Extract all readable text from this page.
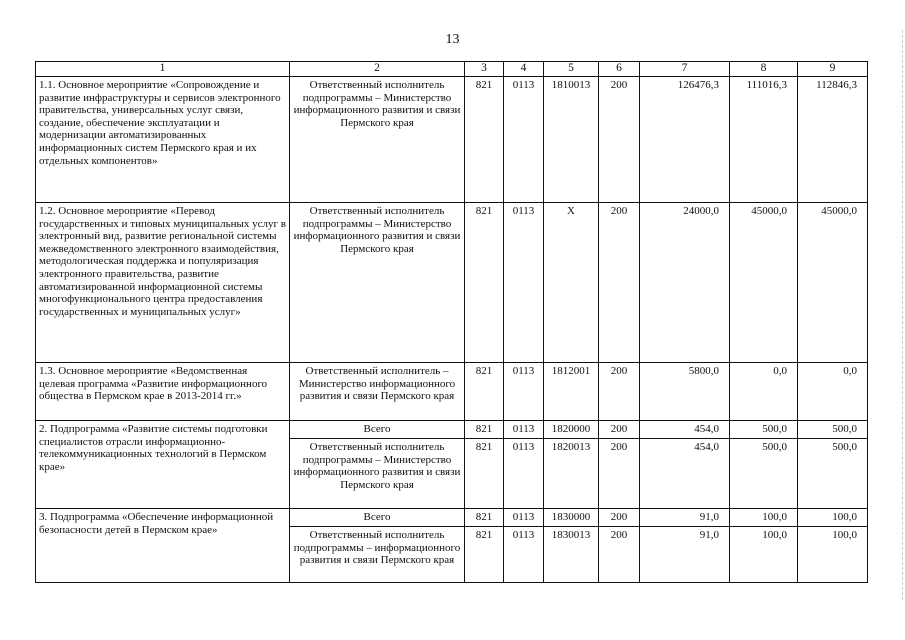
13
1	2	3	4	5	6	7	8	9
1.1. Основное мероприятие «Сопровождение и развитие инфраструктуры и сервисов электронного правительства, универсальных услуг связи, создание, обеспечение эксплуатации и модернизации автоматизированных информационных систем Пермского края и их отдельных компонентов»	Ответственный исполнитель подпрограммы – Министерство информационного развития и связи Пермского края	821	0113	1810013	200	126476,3	111016,3	112846,3
1.2. Основное мероприятие «Перевод государственных и типовых муниципальных услуг в электронный вид, развитие региональной системы межведомственного электронного взаимодействия, методологическая поддержка и популяризация электронного правительства, развитие автоматизированной информационной системы многофункционального центра предоставления государственных и муниципальных услуг»	Ответственный исполнитель подпрограммы – Министерство информационного развития и связи Пермского края	821	0113	X	200	24000,0	45000,0	45000,0
1.3. Основное мероприятие «Ведомственная целевая программа «Развитие информационного общества в Пермском крае в 2013-2014 гг.»	Ответственный исполнитель – Министерство информационного развития и связи Пермского края	821	0113	1812001	200	5800,0	0,0	0,0
2. Подпрограмма «Развитие системы подготовки специалистов отрасли информационно-телекоммуникационных технологий в Пермском крае»	Всего	821	0113	1820000	200	454,0	500,0	500,0
	Ответственный исполнитель подпрограммы – Министерство информационного развития и связи Пермского края	821	0113	1820013	200	454,0	500,0	500,0
3. Подпрограмма «Обеспечение информационной безопасности детей в Пермском крае»	Всего	821	0113	1830000	200	91,0	100,0	100,0
	Ответственный исполнитель подпрограммы – информационного развития и связи Пермского края	821	0113	1830013	200	91,0	100,0	100,0
